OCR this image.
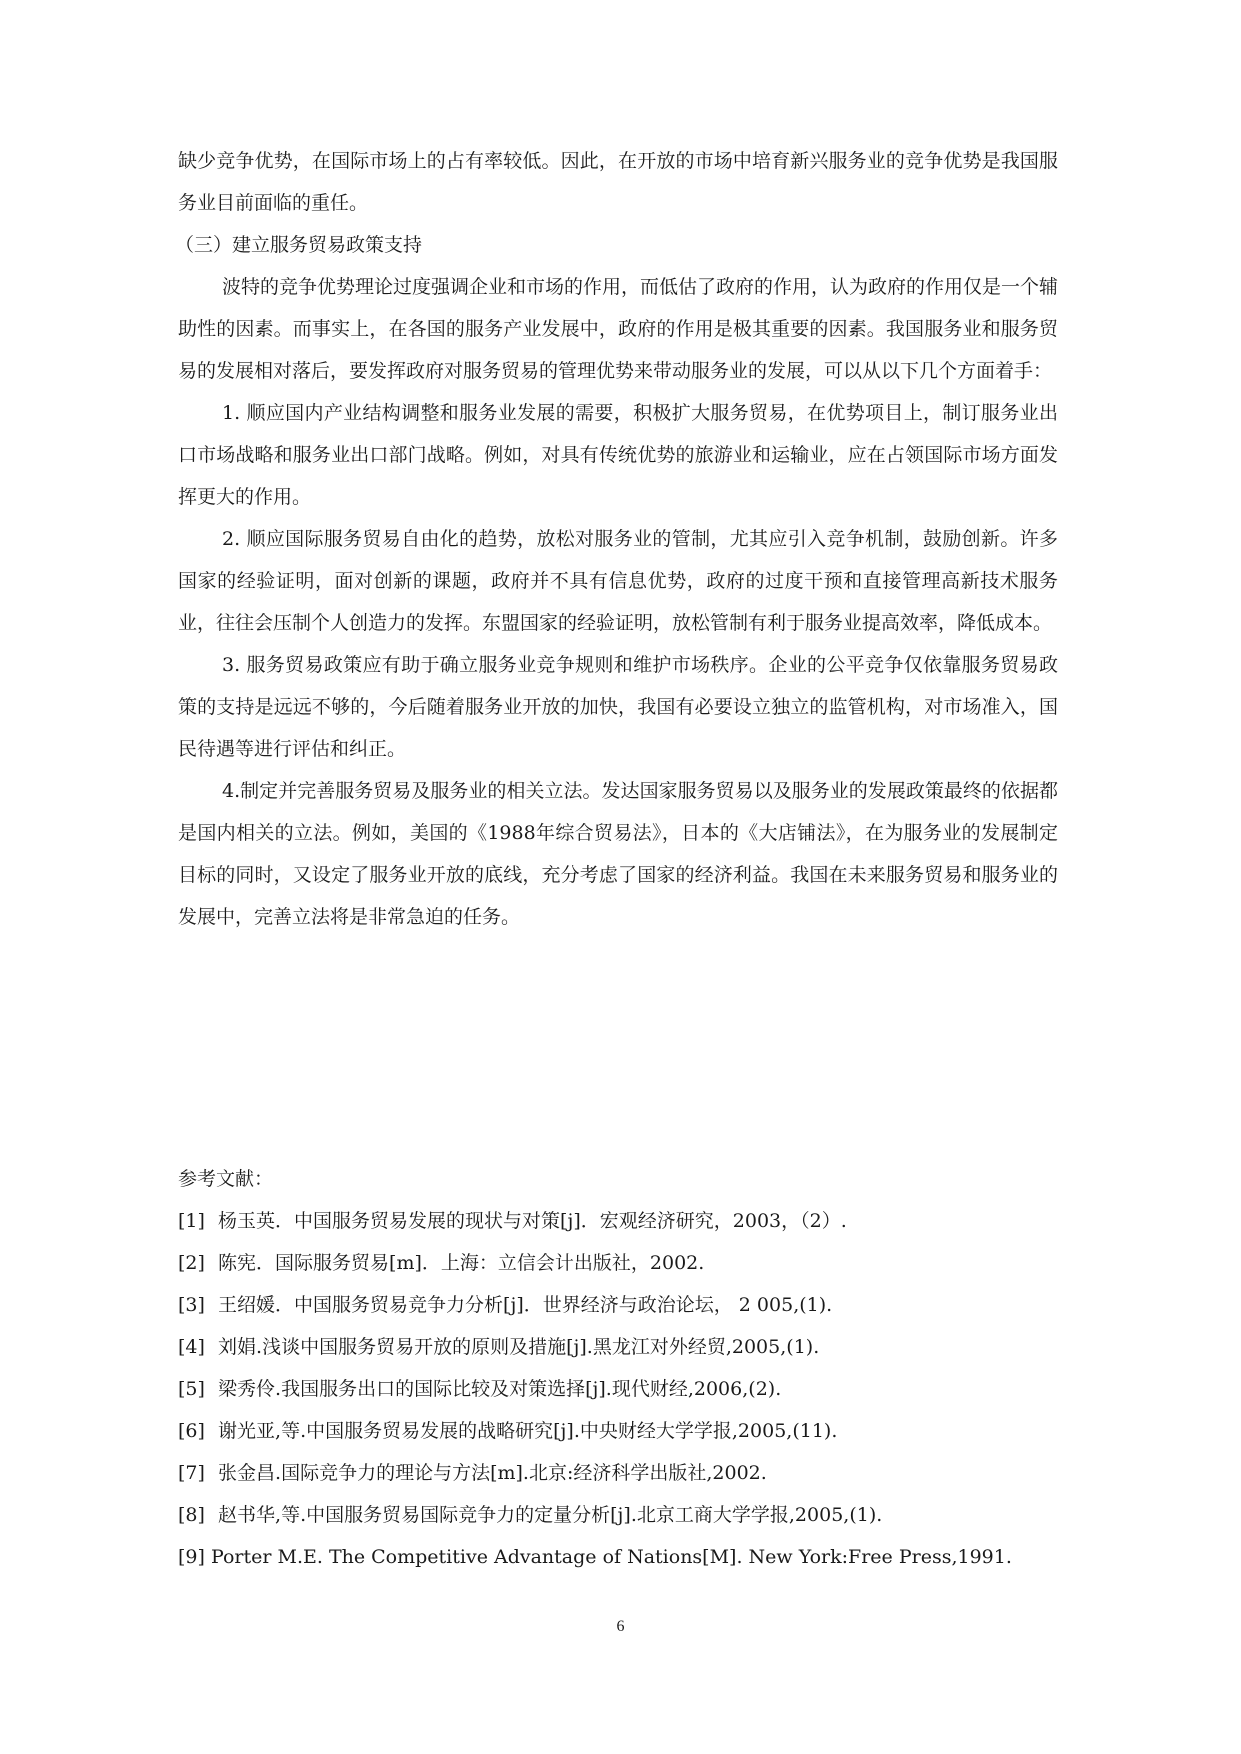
缺少竞争优势，在国际市场上的占有率较低。因此，在开放的市场中培育新兴服务业的竞争优势是我国服务业目前面临的重任。

（三）建立服务贸易政策支持

波特的竞争优势理论过度强调企业和市场的作用，而低估了政府的作用，认为政府的作用仅是一个辅助性的因素。而事实上，在各国的服务产业发展中，政府的作用是极其重要的因素。我国服务业和服务贸易的发展相对落后，要发挥政府对服务贸易的管理优势来带动服务业的发展，可以从以下几个方面着手：

1. 顺应国内产业结构调整和服务业发展的需要，积极扩大服务贸易，在优势项目上，制订服务业出口市场战略和服务业出口部门战略。例如，对具有传统优势的旅游业和运输业，应在占领国际市场方面发挥更大的作用。

2. 顺应国际服务贸易自由化的趋势，放松对服务业的管制，尤其应引入竞争机制，鼓励创新。许多国家的经验证明，面对创新的课题，政府并不具有信息优势，政府的过度干预和直接管理高新技术服务业，往往会压制个人创造力的发挥。东盟国家的经验证明，放松管制有利于服务业提高效率，降低成本。

3. 服务贸易政策应有助于确立服务业竞争规则和维护市场秩序。企业的公平竞争仅依靠服务贸易政策的支持是远远不够的，今后随着服务业开放的加快，我国有必要设立独立的监管机构，对市场准入，国民待遇等进行评估和纠正。

4.制定并完善服务贸易及服务业的相关立法。发达国家服务贸易以及服务业的发展政策最终的依据都是国内相关的立法。例如，美国的《1988年综合贸易法》，日本的《大店铺法》，在为服务业的发展制定目标的同时，又设定了服务业开放的底线，充分考虑了国家的经济利益。我国在未来服务贸易和服务业的发展中，完善立法将是非常急迫的任务。

参考文献：

[1] 杨玉英．中国服务贸易发展的现状与对策[j]．宏观经济研究，2003，（2）.
[2] 陈宪．国际服务贸易[m]．上海：立信会计出版社，2002.
[3] 王绍媛．中国服务贸易竞争力分析[j]．世界经济与政治论坛， 2 005,(1).
[4] 刘娟.浅谈中国服务贸易开放的原则及措施[j].黑龙江对外经贸,2005,(1).
[5] 梁秀伶.我国服务出口的国际比较及对策选择[j].现代财经,2006,(2).
[6] 谢光亚,等.中国服务贸易发展的战略研究[j].中央财经大学学报,2005,(11).
[7] 张金昌.国际竞争力的理论与方法[m].北京:经济科学出版社,2002.
[8] 赵书华,等.中国服务贸易国际竞争力的定量分析[j].北京工商大学学报,2005,(1).
[9] Porter M.E. The Competitive Advantage of Nations[M]. New York:Free Press,1991.
6
